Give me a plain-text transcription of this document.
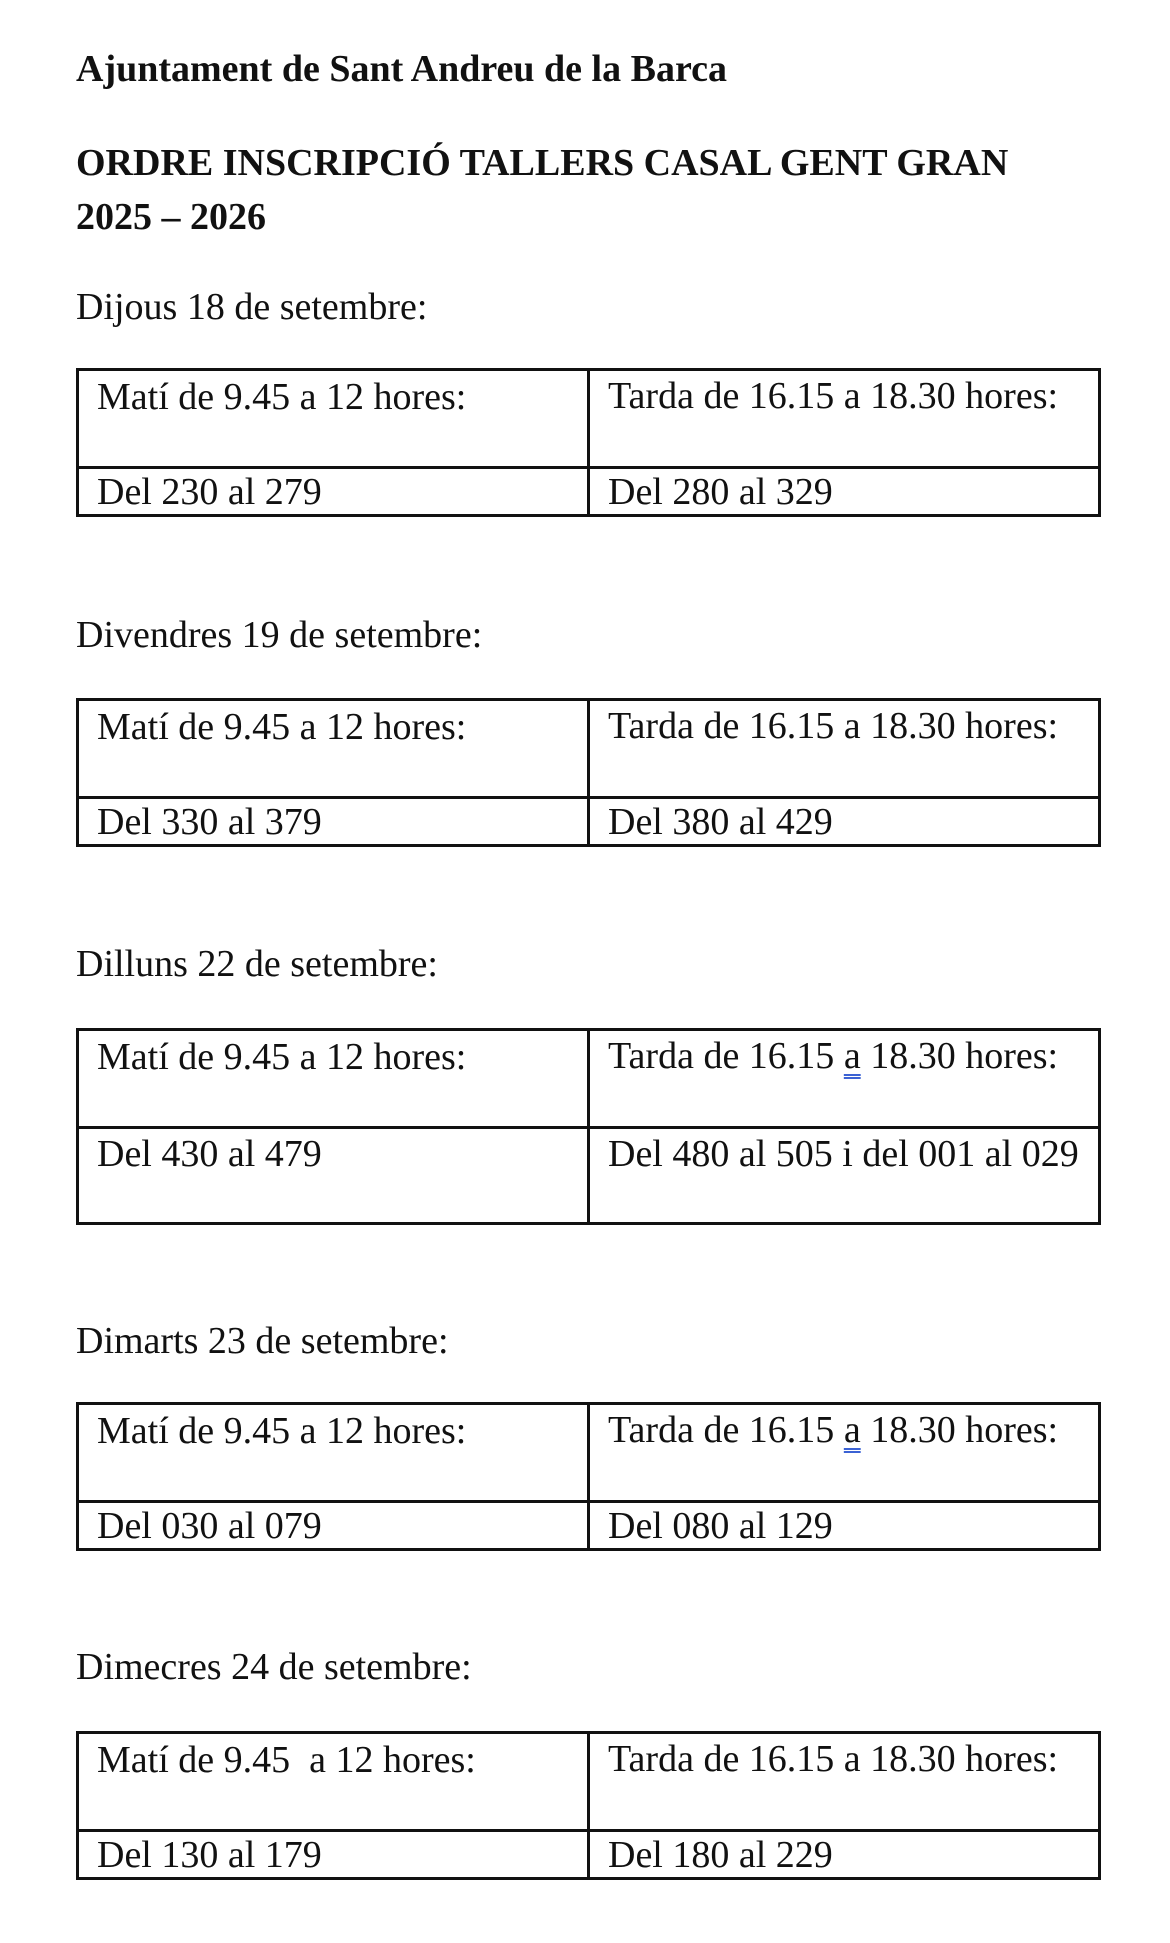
Ajuntament de Sant Andreu de la Barca
ORDRE INSCRIPCIÓ TALLERS CASAL GENT GRAN 2025 – 2026

Dijous 18 de setembre:

Matí de 9.45 a 12 hores:	Tarda de 16.15 a 18.30 hores:
Del 230 al 279	Del 280 al 329

Divendres 19 de setembre:

Matí de 9.45 a 12 hores:	Tarda de 16.15 a 18.30 hores:
Del 330 al 379	Del 380 al 429

Dilluns 22 de setembre:

Matí de 9.45 a 12 hores:	Tarda de 16.15 a 18.30 hores:
Del 430 al 479	Del 480 al 505 i del 001 al 029

Dimarts 23 de setembre:

Matí de 9.45 a 12 hores:	Tarda de 16.15 a 18.30 hores:
Del 030 al 079	Del 080 al 129

Dimecres 24 de setembre:

Matí de 9.45  a 12 hores:	Tarda de 16.15 a 18.30 hores:
Del 130 al 179	Del 180 al 229
